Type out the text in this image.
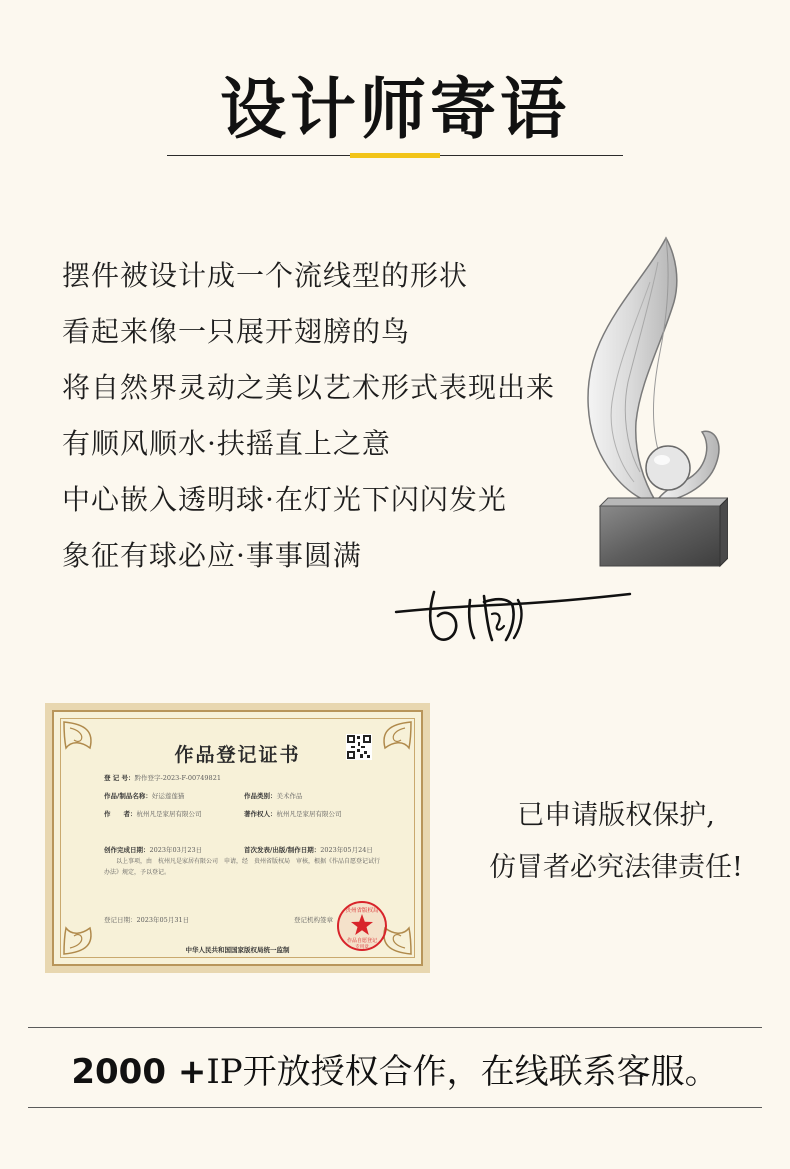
设计师寄语
摆件被设计成一个流线型的形状
看起来像一只展开翅膀的鸟
将自然界灵动之美以艺术形式表现出来
有顺风顺水·扶摇直上之意
中心嵌入透明球·在灯光下闪闪发光
象征有球必应·事事圆满
作品登记证书
登 记 号：黔作登字-2023-F-00749821
作品/制品名称：好运莲莲猫	作品类别：美术作品
作　　者：杭州凡是家居有限公司	著作权人：杭州凡是家居有限公司
创作完成日期：2023年03月23日	首次发表/出版/制作日期：2023年05月24日
以上事项，由　杭州凡是家居有限公司　申请，经　贵州省版权局　审核，根据《作品自愿登记试行
办法》规定，予以登记。
登记日期：2023年05月31日	登记机构签章
中华人民共和国国家版权局统一监制
贵州省版权局
作品自愿登记
专用章
已申请版权保护,
仿冒者必究法律责任!
2000 +IP开放授权合作，在线联系客服。
